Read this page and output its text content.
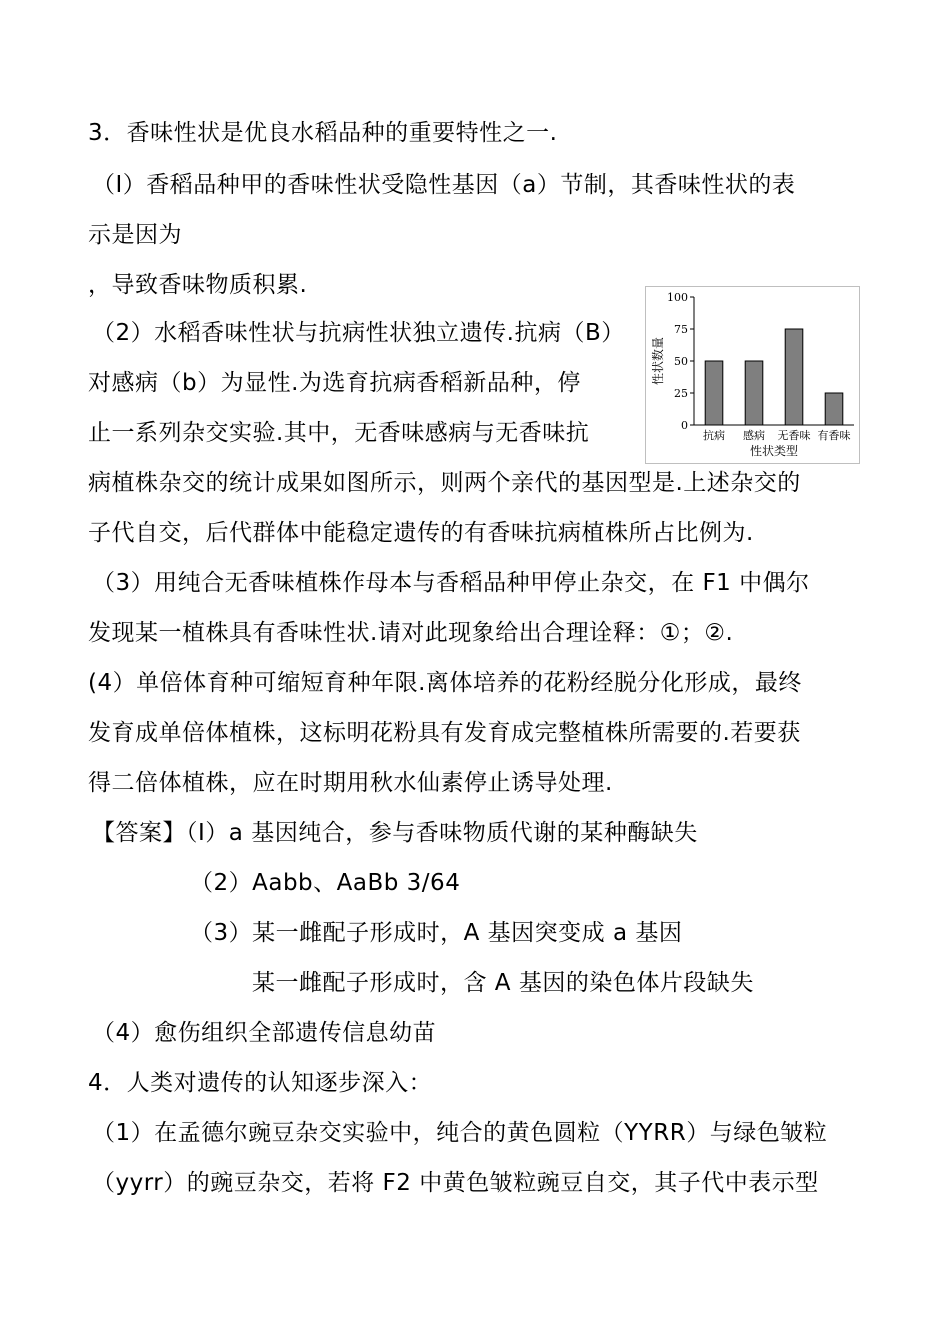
3．香味性状是优良水稻品种的重要特性之一.
（Ⅰ）香稻品种甲的香味性状受隐性基因（a）节制，其香味性状的表
示是因为
，导致香味物质积累.
（2）水稻香味性状与抗病性状独立遗传.抗病（B）
对感病（b）为显性.为选育抗病香稻新品种，停
止一系列杂交实验.其中，无香味感病与无香味抗
病植株杂交的统计成果如图所示，则两个亲代的基因型是.上述杂交的
子代自交，后代群体中能稳定遗传的有香味抗病植株所占比例为.
（3）用纯合无香味植株作母本与香稻品种甲停止杂交，在 F1 中偶尔
发现某一植株具有香味性状.请对此现象给出合理诠释：①；②.
(4）单倍体育种可缩短育种年限.离体培养的花粉经脱分化形成，最终
发育成单倍体植株，这标明花粉具有发育成完整植株所需要的.若要获
得二倍体植株，应在时期用秋水仙素停止诱导处理.
【答案】（Ⅰ）a 基因纯合，参与香味物质代谢的某种酶缺失
（2）Aabb、AaBb 3/64
（3）某一雌配子形成时，A 基因突变成 a 基因
某一雌配子形成时，含 A 基因的染色体片段缺失
（4）愈伤组织全部遗传信息幼苗
4．人类对遗传的认知逐步深入：
（1）在孟德尔豌豆杂交实验中，纯合的黄色圆粒（YYRR）与绿色皱粒
（yyrr）的豌豆杂交，若将 F2 中黄色皱粒豌豆自交，其子代中表示型
性状数量
性状类型
0
25
50
75
100
抗病 感病 无香味 有香味
